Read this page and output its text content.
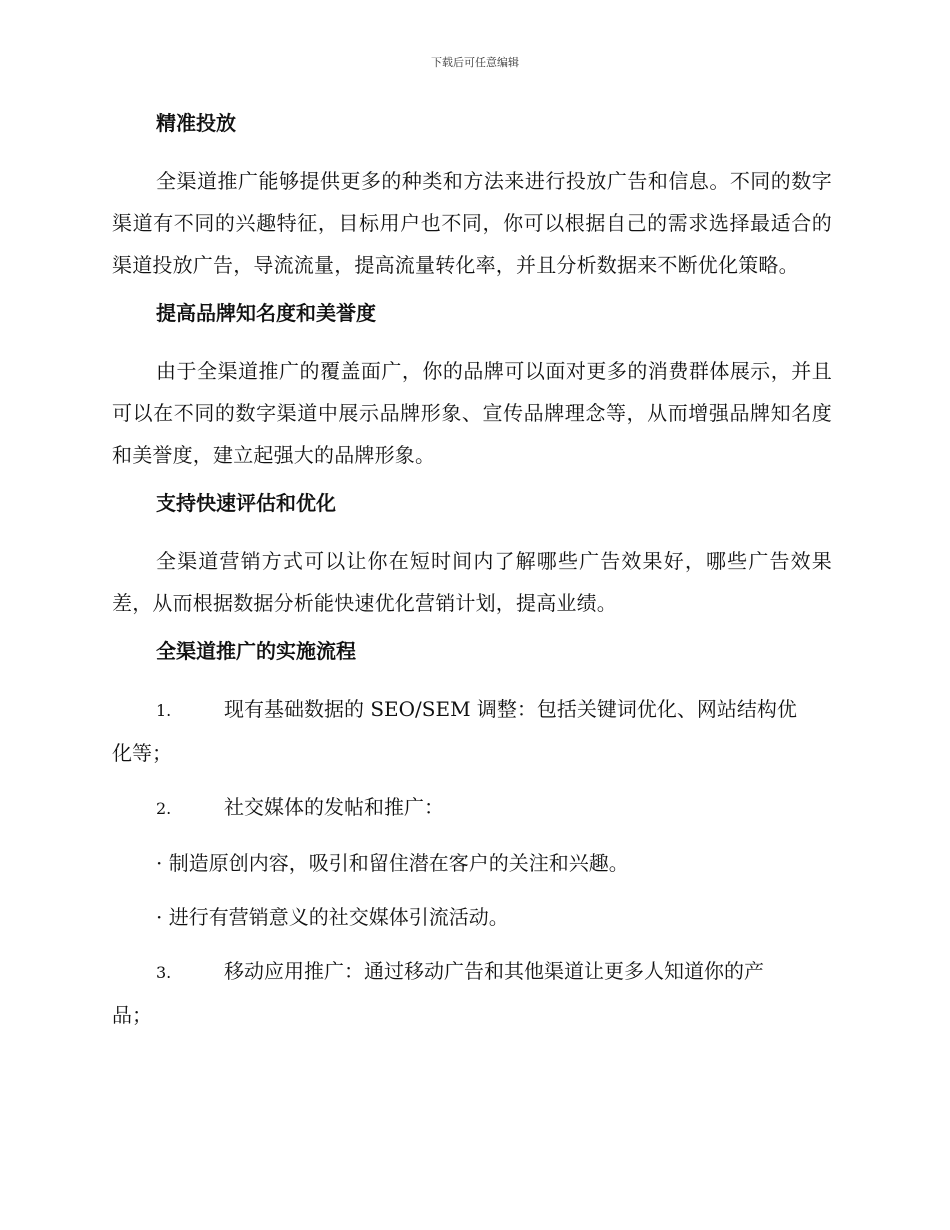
下载后可任意编辑
精准投放

全渠道推广能够提供更多的种类和方法来进行投放广告和信息。不同的数字渠道有不同的兴趣特征，目标用户也不同，你可以根据自己的需求选择最适合的渠道投放广告，导流流量，提高流量转化率，并且分析数据来不断优化策略。

提高品牌知名度和美誉度

由于全渠道推广的覆盖面广，你的品牌可以面对更多的消费群体展示，并且可以在不同的数字渠道中展示品牌形象、宣传品牌理念等，从而增强品牌知名度和美誉度，建立起强大的品牌形象。

支持快速评估和优化

全渠道营销方式可以让你在短时间内了解哪些广告效果好，哪些广告效果差，从而根据数据分析能快速优化营销计划，提高业绩。

全渠道推广的实施流程
1.	现有基础数据的 SEO/SEM 调整：包括关键词优化、网站结构优
化等；
2.	社交媒体的发帖和推广：
· 制造原创内容，吸引和留住潜在客户的关注和兴趣。
· 进行有营销意义的社交媒体引流活动。
3.	移动应用推广：通过移动广告和其他渠道让更多人知道你的产
品；
